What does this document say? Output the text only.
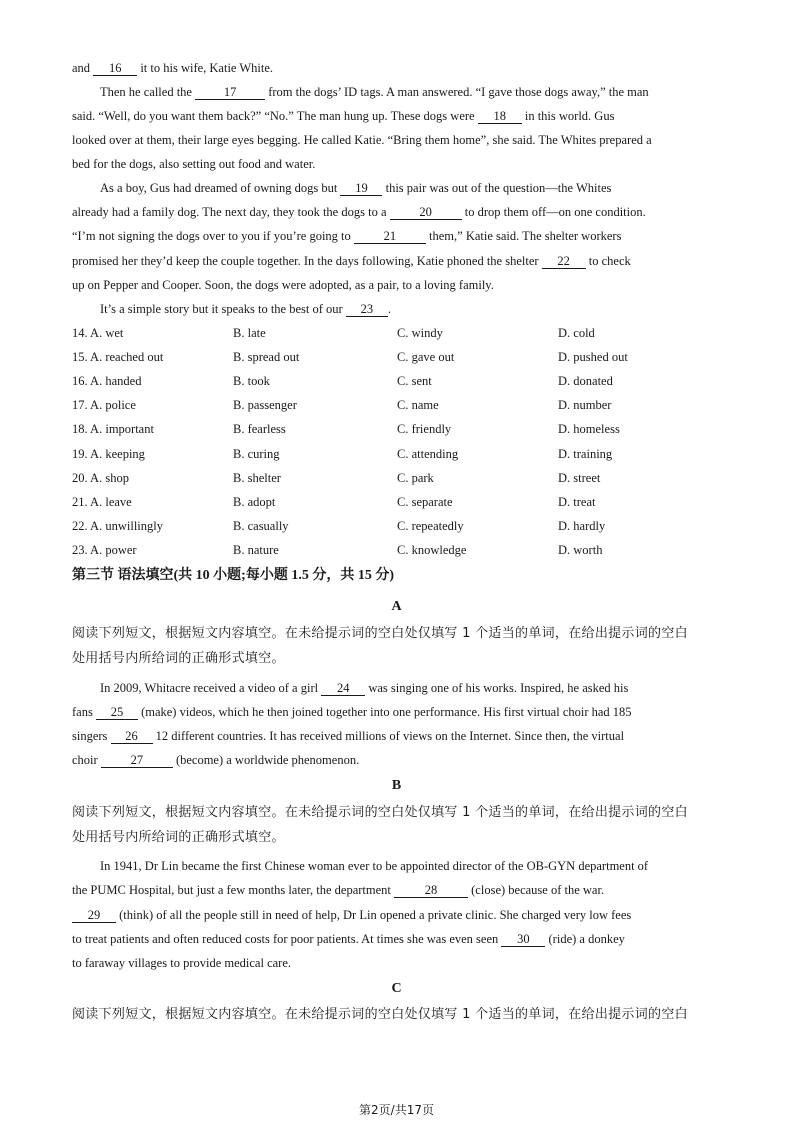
and 16 it to his wife, Katie White.
Then he called the 17 from the dogs’ ID tags. A man answered. “I gave those dogs away,” the man
said. “Well, do you want them back?” “No.” The man hung up. These dogs were 18 in this world. Gus
looked over at them, their large eyes begging. He called Katie. “Bring them home”, she said. The Whites prepared a
bed for the dogs, also setting out food and water.
As a boy, Gus had dreamed of owning dogs but 19 this pair was out of the question—the Whites
already had a family dog. The next day, they took the dogs to a 20 to drop them off—on one condition.
“I’m not signing the dogs over to you if you’re going to 21 them,” Katie said. The shelter workers
promised her they’d keep the couple together. In the days following, Katie phoned the shelter 22 to check
up on Pepper and Cooper. Soon, the dogs were adopted, as a pair, to a loving family.
It’s a simple story but it speaks to the best of our 23 .
14. A. wet	B. late	C. windy	D. cold
15. A. reached out	B. spread out	C. gave out	D. pushed out
16. A. handed	B. took	C. sent	D. donated
17. A. police	B. passenger	C. name	D. number
18. A. important	B. fearless	C. friendly	D. homeless
19. A. keeping	B. curing	C. attending	D. training
20. A. shop	B. shelter	C. park	D. street
21. A. leave	B. adopt	C. separate	D. treat
22. A. unwillingly	B. casually	C. repeatedly	D. hardly
23. A. power	B. nature	C. knowledge	D. worth
第三节 语法填空(共 10 小题;每小题 1.5 分，共 15 分)
A
阅读下列短文，根据短文内容填空。在未给提示词的空白处仅填写 1 个适当的单词，在给出提示词的空白
处用括号内所给词的正确形式填空。
In 2009, Whitacre received a video of a girl 24 was singing one of his works. Inspired, he asked his
fans 25 (make) videos, which he then joined together into one performance. His first virtual choir had 185
singers 26 12 different countries. It has received millions of views on the Internet. Since then, the virtual
choir 27 (become) a worldwide phenomenon.
B
阅读下列短文，根据短文内容填空。在未给提示词的空白处仅填写 1 个适当的单词，在给出提示词的空白
处用括号内所给词的正确形式填空。
In 1941, Dr Lin became the first Chinese woman ever to be appointed director of the OB-GYN department of
the PUMC Hospital, but just a few months later, the department 28 (close) because of the war.
29 (think) of all the people still in need of help, Dr Lin opened a private clinic. She charged very low fees
to treat patients and often reduced costs for poor patients. At times she was even seen 30 (ride) a donkey
to faraway villages to provide medical care.
C
阅读下列短文，根据短文内容填空。在未给提示词的空白处仅填写 1 个适当的单词，在给出提示词的空白
第2页/共17页
